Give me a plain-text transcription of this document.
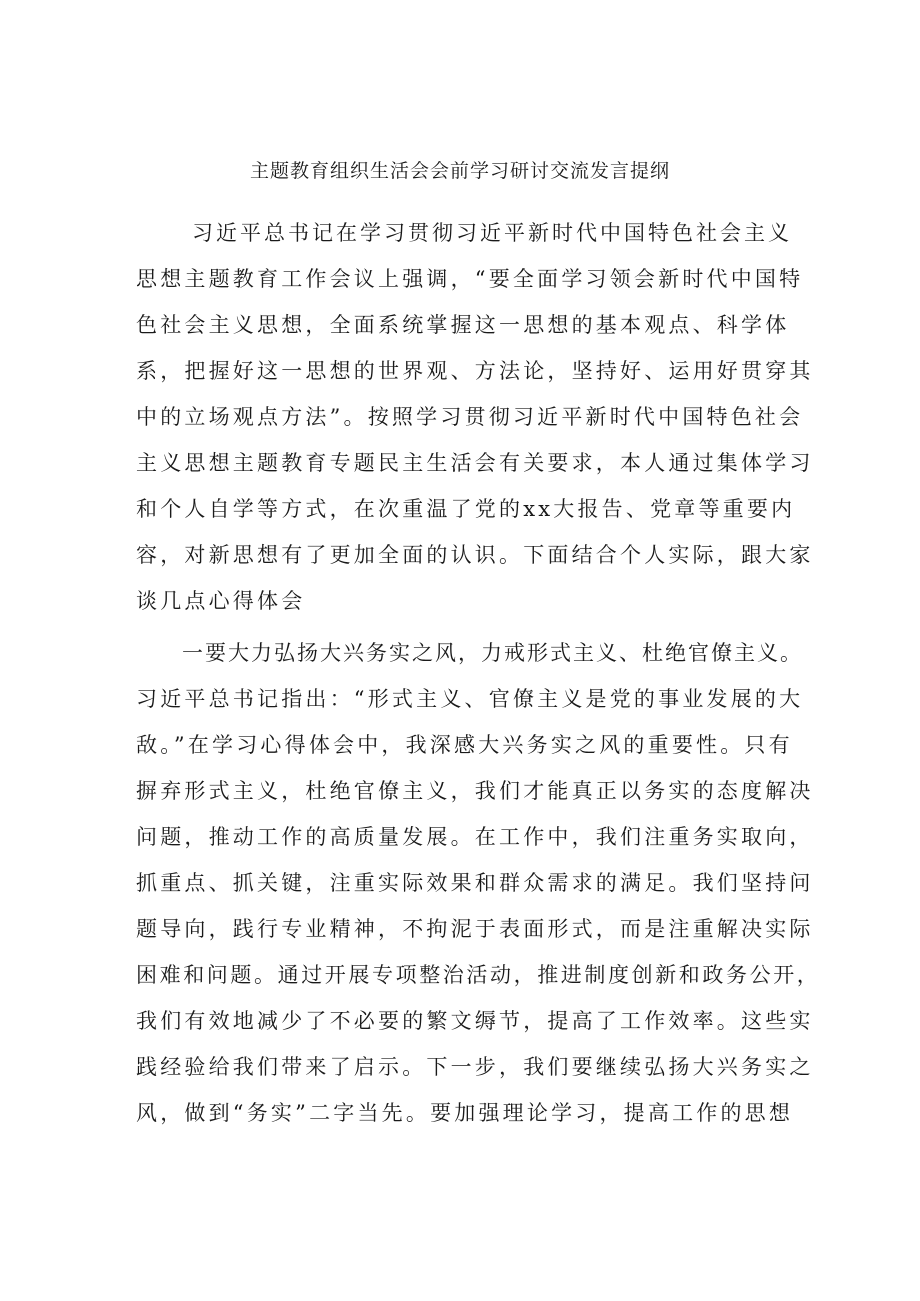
主题教育组织生活会会前学习研讨交流发言提纲

习近平总书记在学习贯彻习近平新时代中国特色社会主义

思想主题教育工作会议上强调，“要全面学习领会新时代中国特

色社会主义思想，全面系统掌握这一思想的基本观点、科学体

系，把握好这一思想的世界观、方法论，坚持好、运用好贯穿其

中的立场观点方法”。按照学习贯彻习近平新时代中国特色社会

主义思想主题教育专题民主生活会有关要求，本人通过集体学习

和个人自学等方式，在次重温了党的xx大报告、党章等重要内

容，对新思想有了更加全面的认识。下面结合个人实际，跟大家

谈几点心得体会

一要大力弘扬大兴务实之风，力戒形式主义、杜绝官僚主义。

习近平总书记指出：“形式主义、官僚主义是党的事业发展的大

敌。”在学习心得体会中，我深感大兴务实之风的重要性。只有

摒弃形式主义，杜绝官僚主义，我们才能真正以务实的态度解决

问题，推动工作的高质量发展。在工作中，我们注重务实取向，

抓重点、抓关键，注重实际效果和群众需求的满足。我们坚持问

题导向，践行专业精神，不拘泥于表面形式，而是注重解决实际

困难和问题。通过开展专项整治活动，推进制度创新和政务公开，

我们有效地减少了不必要的繁文缛节，提高了工作效率。这些实

践经验给我们带来了启示。下一步，我们要继续弘扬大兴务实之

风，做到“务实”二字当先。要加强理论学习，提高工作的思想
